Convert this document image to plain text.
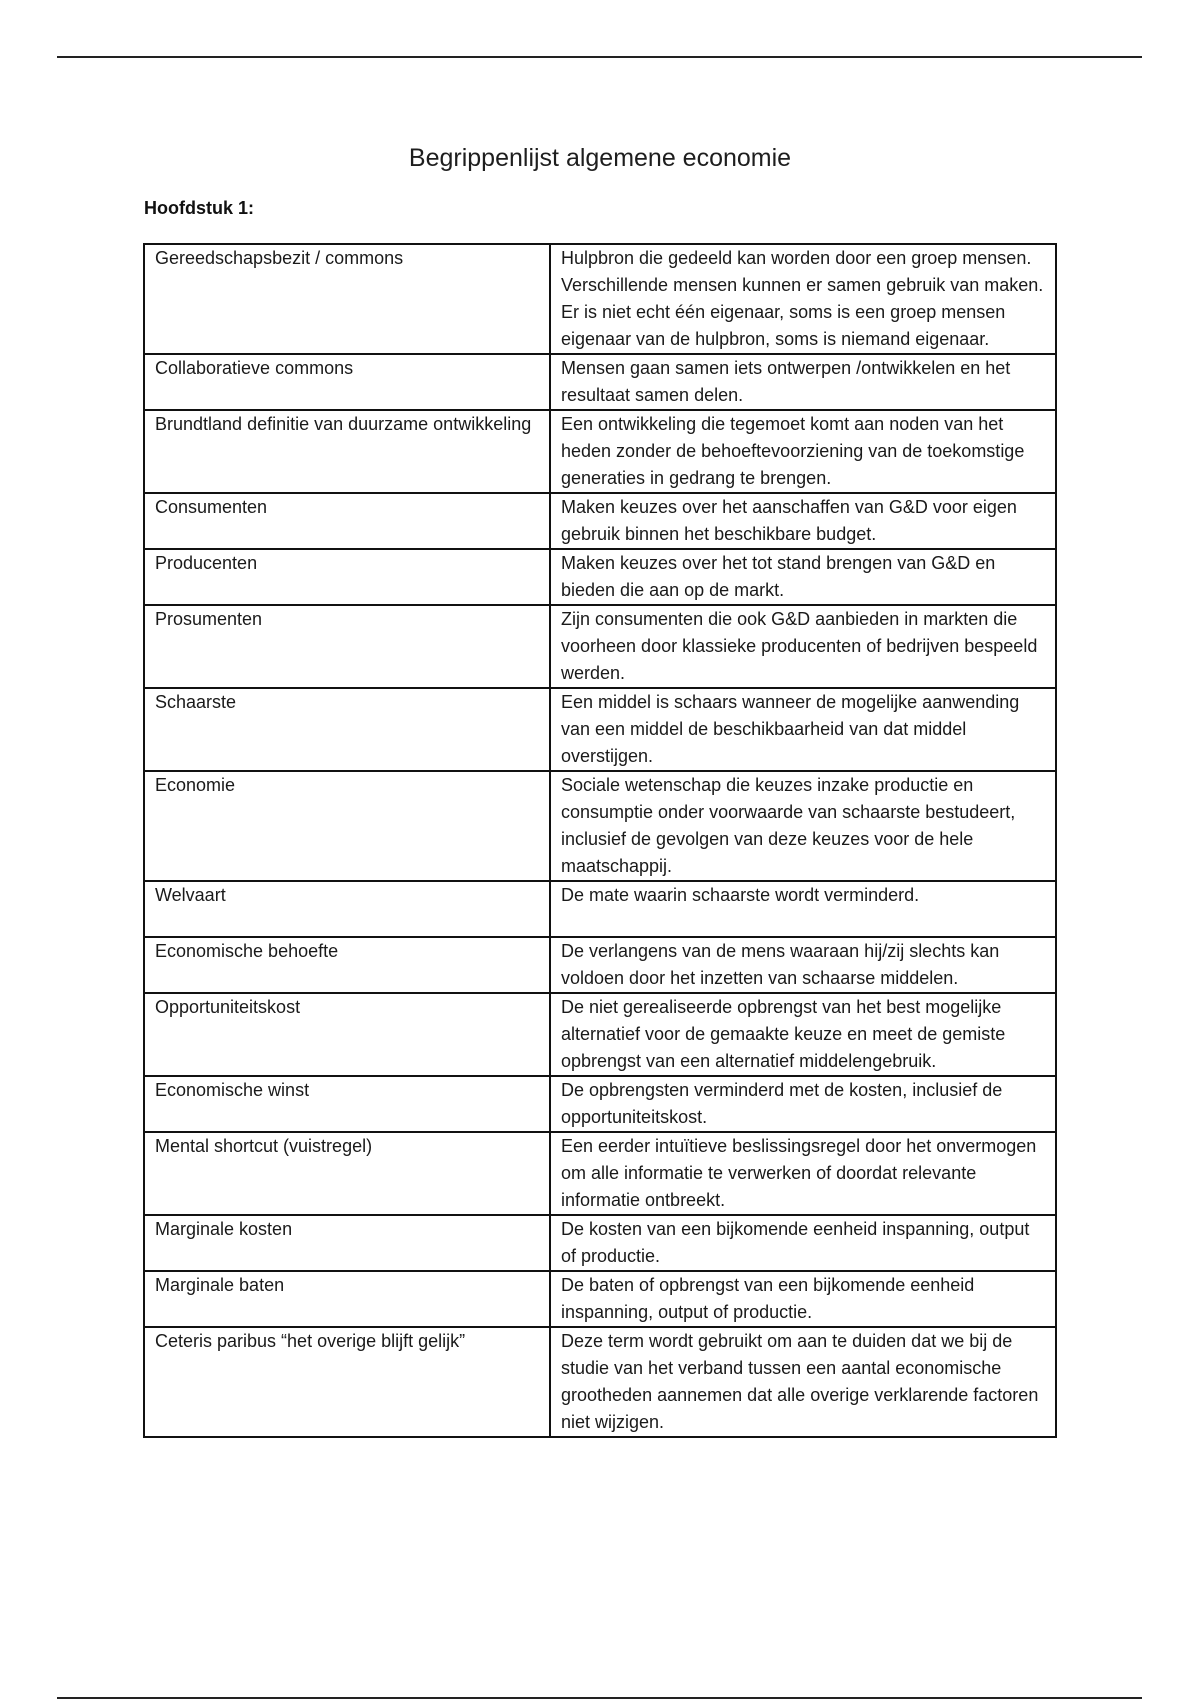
Begrippenlijst algemene economie
Hoofdstuk 1:
Gereedschapsbezit / commons	Hulpbron die gedeeld kan worden door een groep mensen. Verschillende mensen kunnen er samen gebruik van maken. Er is niet echt één eigenaar, soms is een groep mensen eigenaar van de hulpbron, soms is niemand eigenaar.
Collaboratieve commons	Mensen gaan samen iets ontwerpen /ontwikkelen en het resultaat samen delen.
Brundtland definitie van duurzame ontwikkeling	Een ontwikkeling die tegemoet komt aan noden van het heden zonder de behoeftevoorziening van de toekomstige generaties in gedrang te brengen.
Consumenten	Maken keuzes over het aanschaffen van G&D voor eigen gebruik binnen het beschikbare budget.
Producenten	Maken keuzes over het tot stand brengen van G&D en bieden die aan op de markt.
Prosumenten	Zijn consumenten die ook G&D aanbieden in markten die voorheen door klassieke producenten of bedrijven bespeeld werden.
Schaarste	Een middel is schaars wanneer de mogelijke aanwending van een middel de beschikbaarheid van dat middel overstijgen.
Economie	Sociale wetenschap die keuzes inzake productie en consumptie onder voorwaarde van schaarste bestudeert, inclusief de gevolgen van deze keuzes voor de hele maatschappij.
Welvaart	De mate waarin schaarste wordt verminderd.
Economische behoefte	De verlangens van de mens waaraan hij/zij slechts kan voldoen door het inzetten van schaarse middelen.
Opportuniteitskost	De niet gerealiseerde opbrengst van het best mogelijke alternatief voor de gemaakte keuze en meet de gemiste opbrengst van een alternatief middelengebruik.
Economische winst	De opbrengsten verminderd met de kosten, inclusief de opportuniteitskost.
Mental shortcut (vuistregel)	Een eerder intuïtieve beslissingsregel door het onvermogen om alle informatie te verwerken of doordat relevante informatie ontbreekt.
Marginale kosten	De kosten van een bijkomende eenheid inspanning, output of productie.
Marginale baten	De baten of opbrengst van een bijkomende eenheid inspanning, output of productie.
Ceteris paribus “het overige blijft gelijk”	Deze term wordt gebruikt om aan te duiden dat we bij de studie van het verband tussen een aantal economische grootheden aannemen dat alle overige verklarende factoren niet wijzigen.
